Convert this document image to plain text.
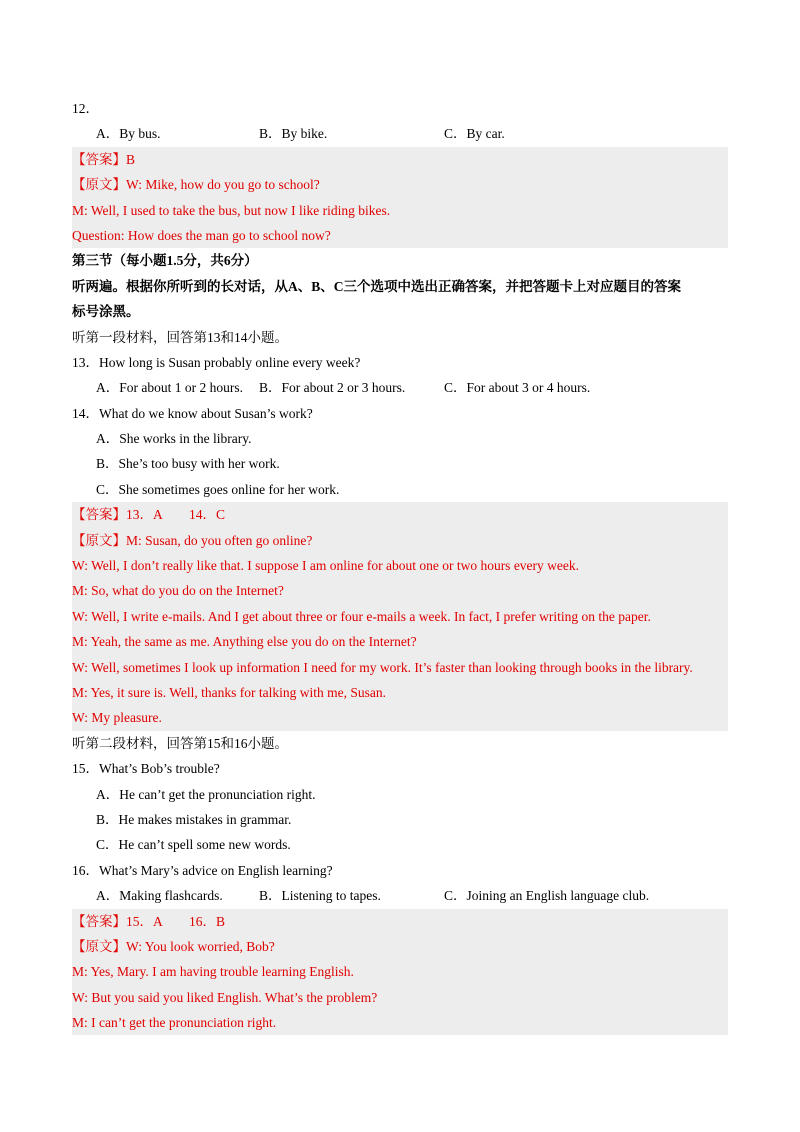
12．
A．By bus.	B．By bike.	C．By car.
【答案】B
【原文】W: Mike, how do you go to school?
M: Well, I used to take the bus, but now I like riding bikes.
Question: How does the man go to school now?
第三节（每小题1.5分，共6分）
听两遍。根据你所听到的长对话，从A、B、C三个选项中选出正确答案，并把答题卡上对应题目的答案
标号涂黑。
听第一段材料，回答第13和14小题。
13．How long is Susan probably online every week?
A．For about 1 or 2 hours. B．For about 2 or 3 hours.	C．For about 3 or 4 hours.
14．What do we know about Susan’s work?
A．She works in the library.
B．She’s too busy with her work.
C．She sometimes goes online for her work.
【答案】13．A　　14．C
【原文】M: Susan, do you often go online?
W: Well, I don’t really like that. I suppose I am online for about one or two hours every week.
M: So, what do you do on the Internet?
W: Well, I write e-mails. And I get about three or four e-mails a week. In fact, I prefer writing on the paper.
M: Yeah, the same as me. Anything else you do on the Internet?
W: Well, sometimes I look up information I need for my work. It’s faster than looking through books in the library.
M: Yes, it sure is. Well, thanks for talking with me, Susan.
W: My pleasure.
听第二段材料，回答第15和16小题。
15．What’s Bob’s trouble?
A．He can’t get the pronunciation right.
B．He makes mistakes in grammar.
C．He can’t spell some new words.
16．What’s Mary’s advice on English learning?
A．Making flashcards.	B．Listening to tapes.	C．Joining an English language club.
【答案】15．A　　16．B
【原文】W: You look worried, Bob?
M: Yes, Mary. I am having trouble learning English.
W: But you said you liked English. What’s the problem?
M: I can’t get the pronunciation right.
